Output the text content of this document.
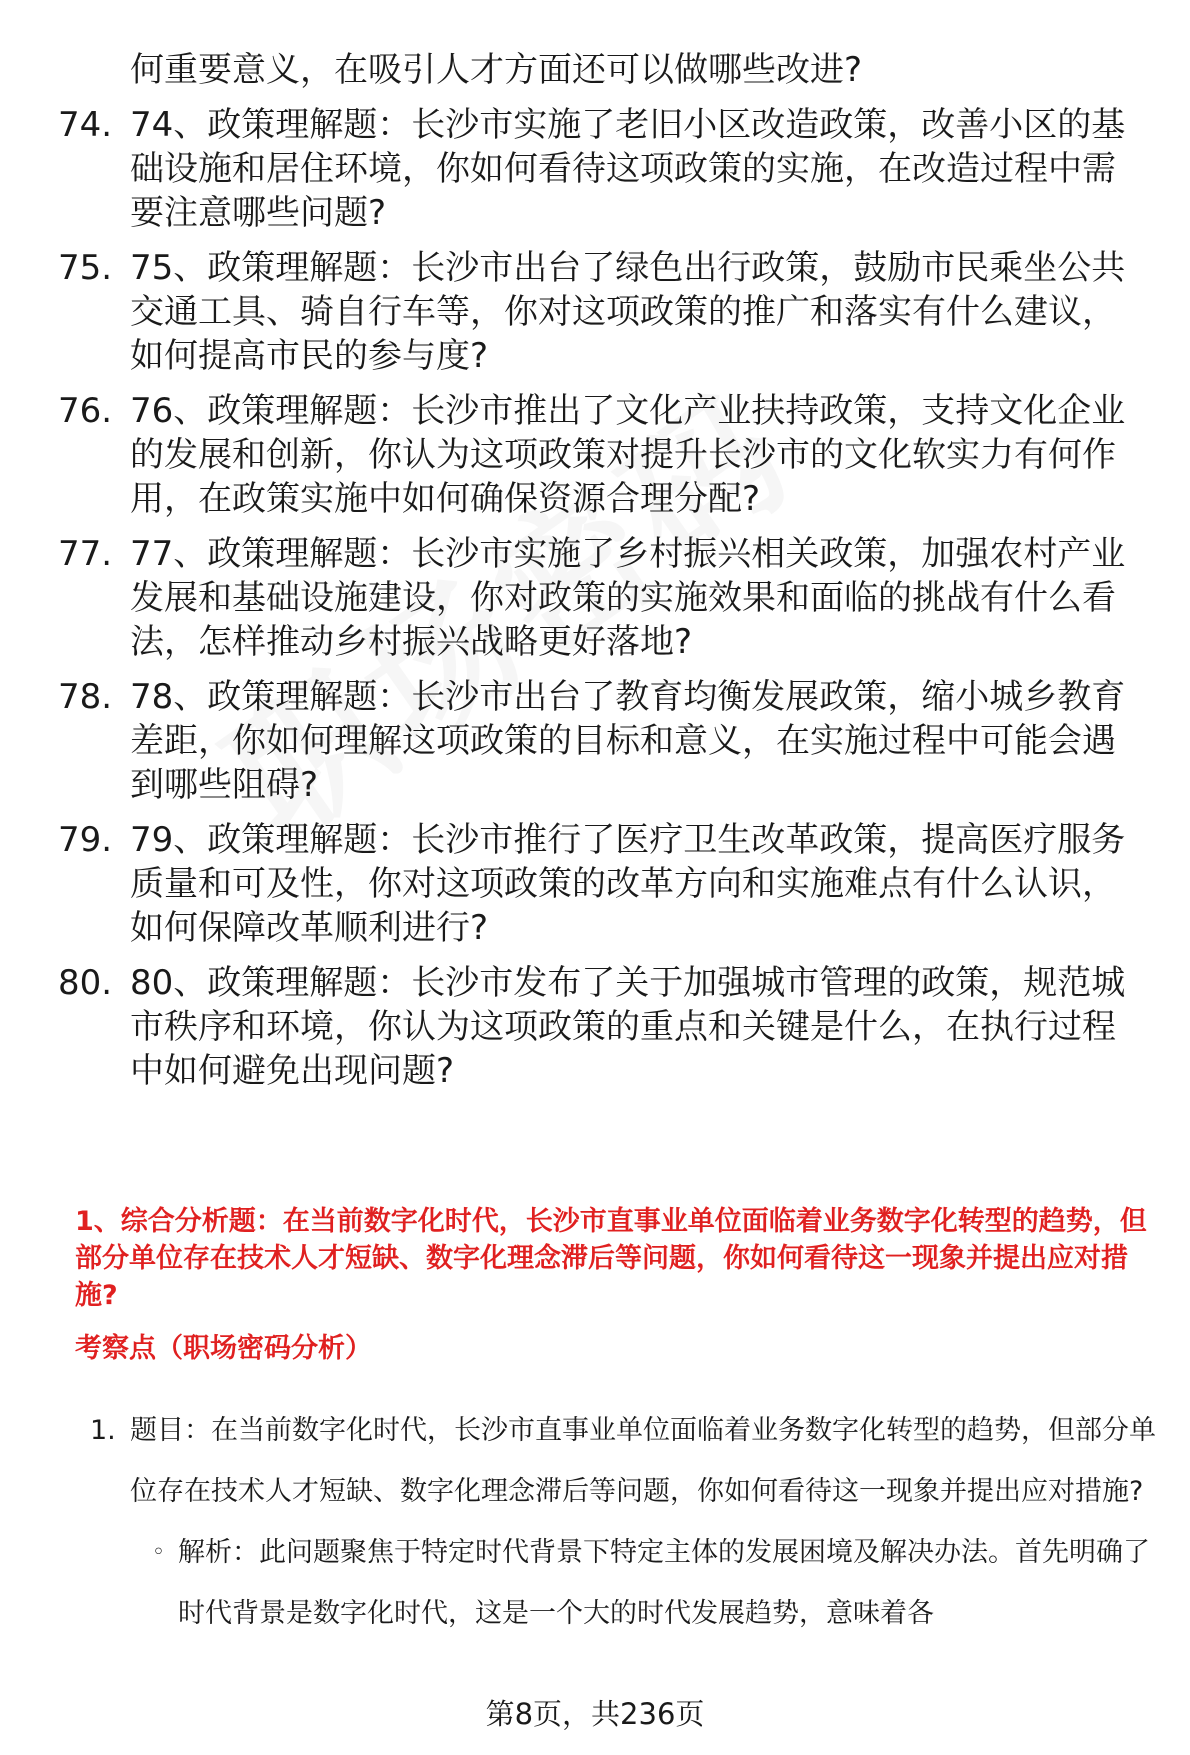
何重要意义，在吸引人才方面还可以做哪些改进?
74. 74、政策理解题：长沙市实施了老旧小区改造政策，改善小区的基础设施和居住环境，你如何看待这项政策的实施，在改造过程中需要注意哪些问题?
75. 75、政策理解题：长沙市出台了绿色出行政策，鼓励市民乘坐公共交通工具、骑自行车等，你对这项政策的推广和落实有什么建议，如何提高市民的参与度?
76. 76、政策理解题：长沙市推出了文化产业扶持政策，支持文化企业的发展和创新，你认为这项政策对提升长沙市的文化软实力有何作用，在政策实施中如何确保资源合理分配?
77. 77、政策理解题：长沙市实施了乡村振兴相关政策，加强农村产业发展和基础设施建设，你对政策的实施效果和面临的挑战有什么看法，怎样推动乡村振兴战略更好落地?
78. 78、政策理解题：长沙市出台了教育均衡发展政策，缩小城乡教育差距，你如何理解这项政策的目标和意义，在实施过程中可能会遇到哪些阻碍?
79. 79、政策理解题：长沙市推行了医疗卫生改革政策，提高医疗服务质量和可及性，你对这项政策的改革方向和实施难点有什么认识，如何保障改革顺利进行?
80. 80、政策理解题：长沙市发布了关于加强城市管理的政策，规范城市秩序和环境，你认为这项政策的重点和关键是什么，在执行过程中如何避免出现问题?
1、综合分析题：在当前数字化时代，长沙市直事业单位面临着业务数字化转型的趋势，但部分单位存在技术人才短缺、数字化理念滞后等问题，你如何看待这一现象并提出应对措施?
考察点（职场密码分析）
1. 题目：在当前数字化时代，长沙市直事业单位面临着业务数字化转型的趋势，但部分单位存在技术人才短缺、数字化理念滞后等问题，你如何看待这一现象并提出应对措施?
◦ 解析：此问题聚焦于特定时代背景下特定主体的发展困境及解决办法。首先明确了时代背景是数字化时代，这是一个大的时代发展趋势，意味着各
第8页，共236页
